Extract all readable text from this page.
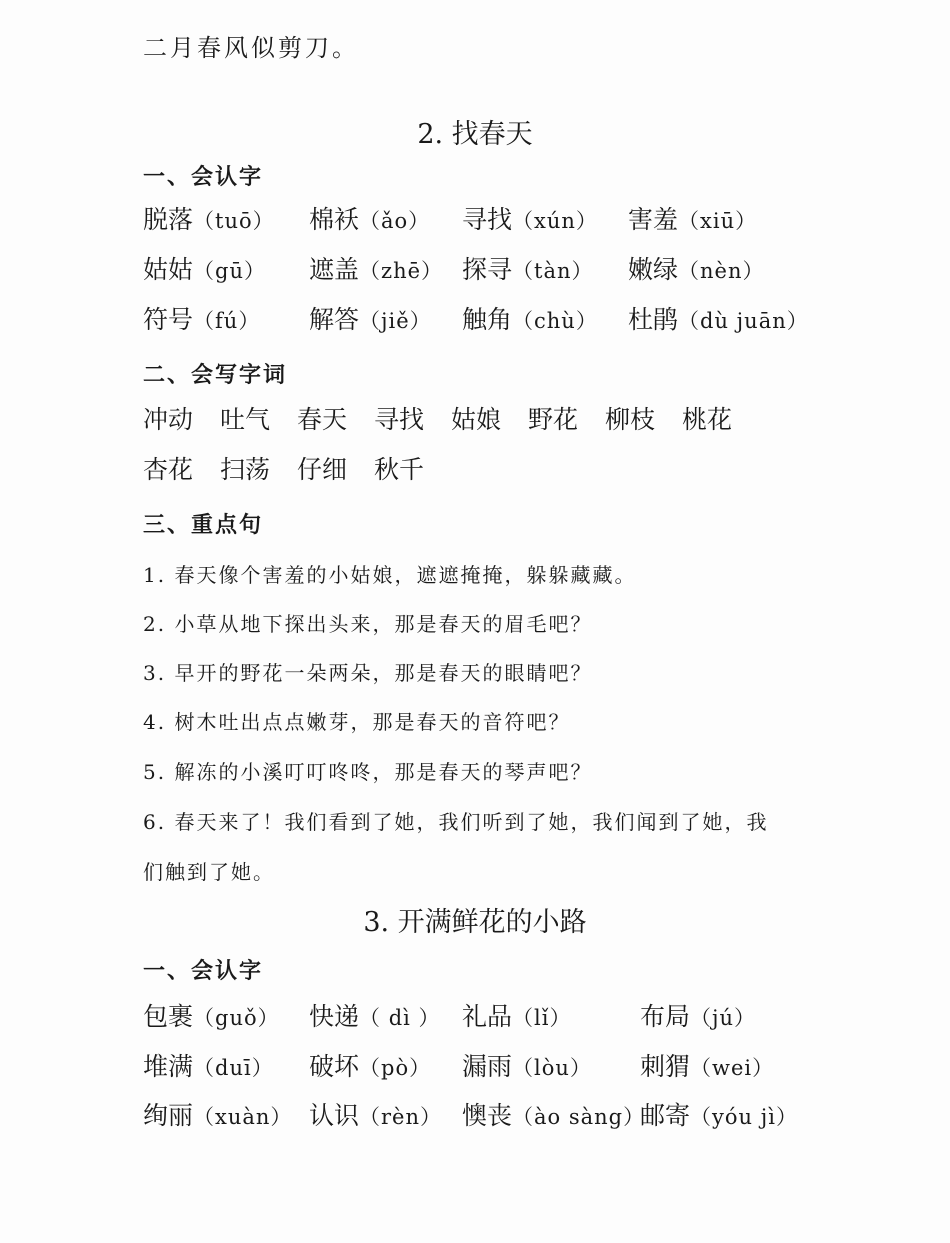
二月春风似剪刀。
2. 找春天
一、会认字
脱落（tuō） 棉袄（ǎo） 寻找（xún） 害羞（xiū）
姑姑（gū） 遮盖（zhē） 探寻（tàn） 嫩绿（nèn）
符号（fú） 解答（jiě） 触角（chù） 杜鹃（dù juān）
二、会写字词
冲动 吐气 春天 寻找 姑娘 野花 柳枝 桃花
杏花 扫荡 仔细 秋千
三、重点句
1. 春天像个害羞的小姑娘，遮遮掩掩，躲躲藏藏。
2. 小草从地下探出头来，那是春天的眉毛吧？
3. 早开的野花一朵两朵，那是春天的眼睛吧？
4. 树木吐出点点嫩芽，那是春天的音符吧？
5. 解冻的小溪叮叮咚咚，那是春天的琴声吧？
6. 春天来了！我们看到了她，我们听到了她，我们闻到了她，我
们触到了她。
3. 开满鲜花的小路
一、会认字
包裹（guǒ） 快递（ dì ） 礼品（lǐ）	布局（jú）
堆满（duī） 破坏（pò） 漏雨（lòu） 刺猬（wei）
绚丽（xuàn） 认识（rèn） 懊丧（ào sàng）
邮寄（yóu jì）
